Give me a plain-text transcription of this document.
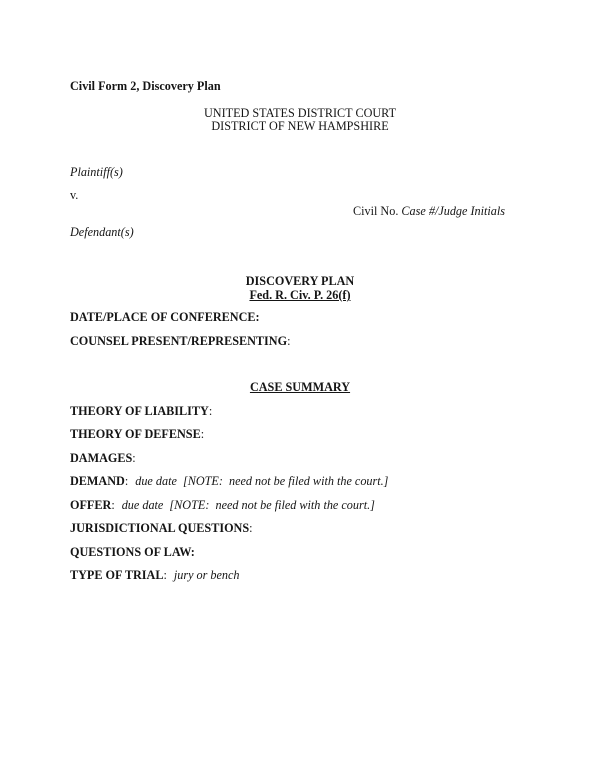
Civil Form 2, Discovery Plan
UNITED STATES DISTRICT COURT
DISTRICT OF NEW HAMPSHIRE
Plaintiff(s)
v.
Civil No. Case #/Judge Initials
Defendant(s)
DISCOVERY PLAN
Fed. R. Civ. P. 26(f)
DATE/PLACE OF CONFERENCE:
COUNSEL PRESENT/REPRESENTING:
CASE SUMMARY
THEORY OF LIABILITY:
THEORY OF DEFENSE:
DAMAGES:
DEMAND: due date  [NOTE:  need not be filed with the court.]
OFFER: due date  [NOTE:  need not be filed with the court.]
JURISDICTIONAL QUESTIONS:
QUESTIONS OF LAW:
TYPE OF TRIAL: jury or bench
